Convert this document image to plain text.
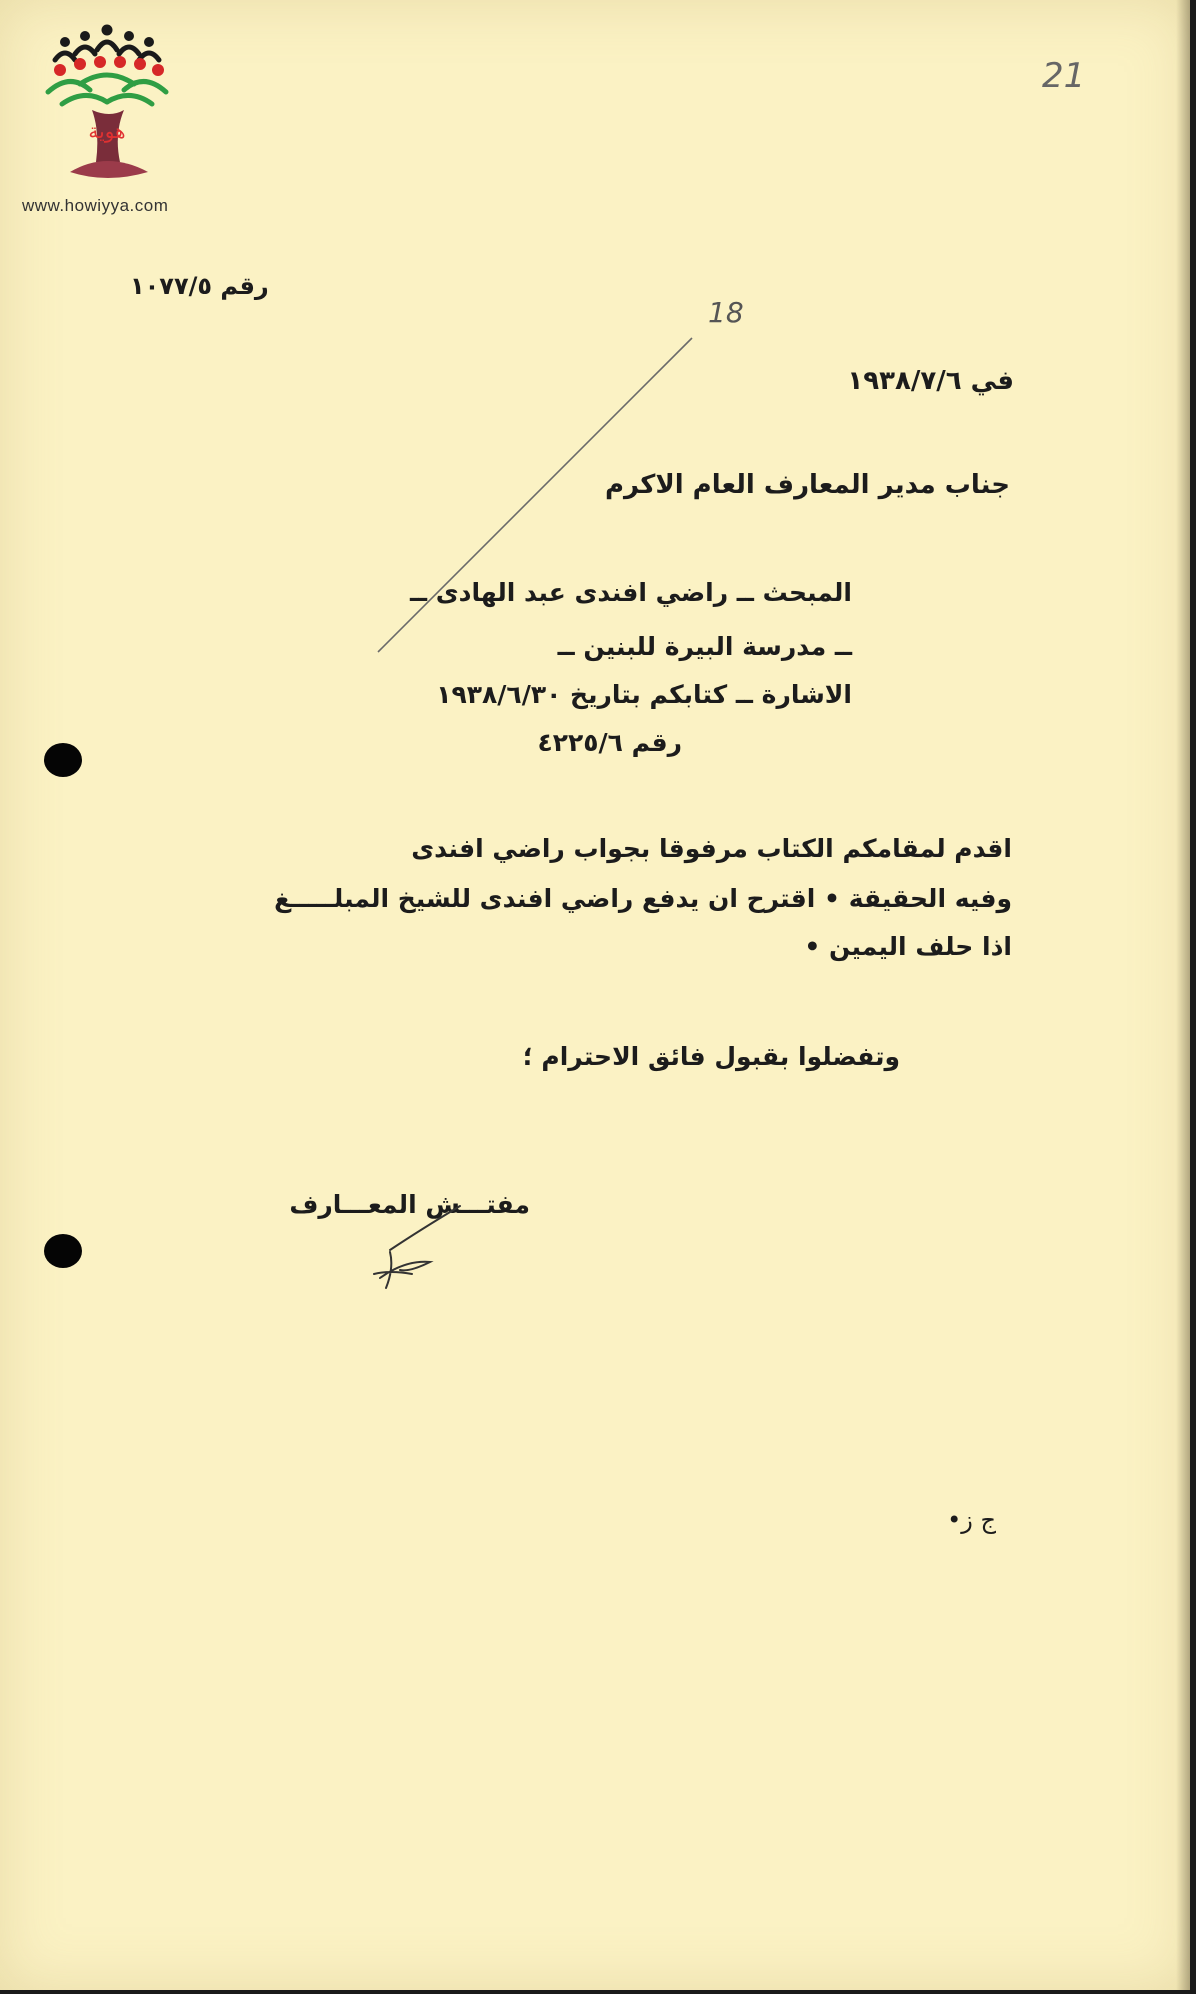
هوية
www.howiyya.com
21
رقم ١٠٧٧/٥
18
في ١٩٣٨/٧/٦
جناب مدير المعارف العام الاكرم
المبحث ــ راضي افندى عبد الهادى ــ
ــ مدرسة البيرة للبنين ــ
الاشارة ــ كتابكم بتاريخ ١٩٣٨/٦/٣٠
رقم ٤٢٢٥/٦
اقدم لمقامكم الكتاب مرفوقا بجواب راضي افندى
وفيه الحقيقة • اقترح ان يدفع راضي افندى للشيخ المبلـــــغ
اذا حلف اليمين •
وتفضلوا بقبول فائق الاحترام ؛
مفتـــش المعـــارف
ج ز•
